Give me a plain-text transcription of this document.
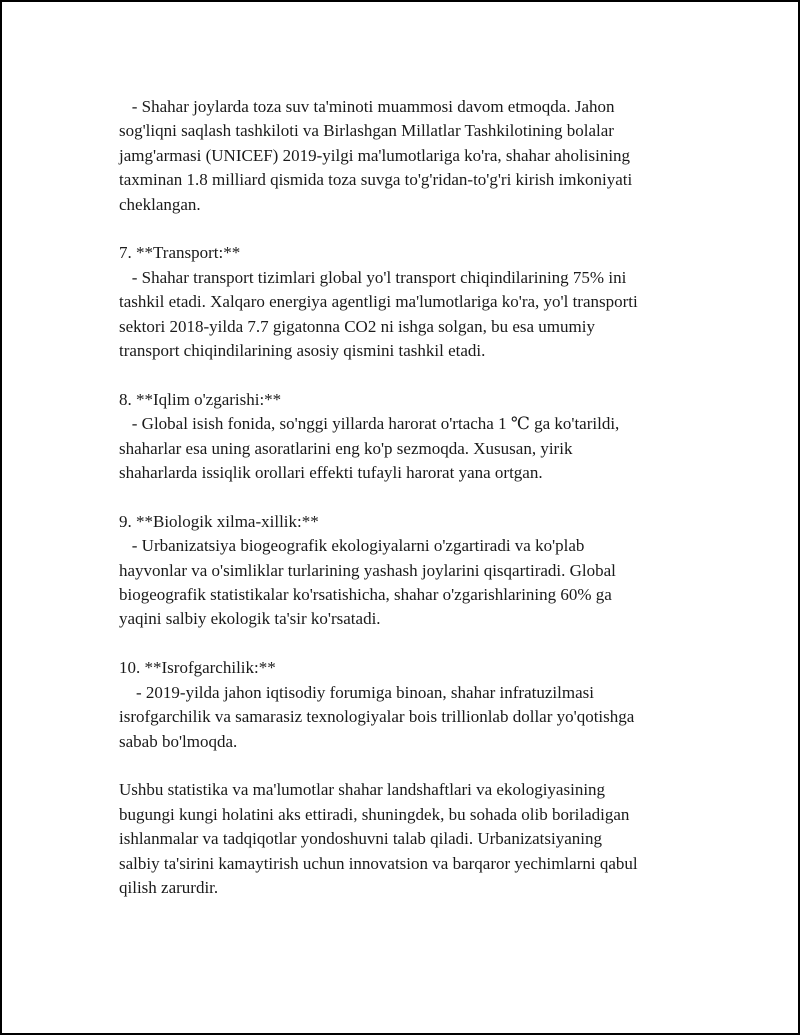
- Shahar joylarda toza suv ta'minoti muammosi davom etmoqda. Jahon
sog'liqni saqlash tashkiloti va Birlashgan Millatlar Tashkilotining bolalar
jamg'armasi (UNICEF) 2019-yilgi ma'lumotlariga ko'ra, shahar aholisining
taxminan 1.8 milliard qismida toza suvga to'g'ridan-to'g'ri kirish imkoniyati
cheklangan.
7. **Transport:**
- Shahar transport tizimlari global yo'l transport chiqindilarining 75% ini
tashkil etadi. Xalqaro energiya agentligi ma'lumotlariga ko'ra, yo'l transporti
sektori 2018-yilda 7.7 gigatonna CO2 ni ishga solgan, bu esa umumiy
transport chiqindilarining asosiy qismini tashkil etadi.
8. **Iqlim o'zgarishi:**
- Global isish fonida, so'nggi yillarda harorat o'rtacha 1 ℃ ga ko'tarildi,
shaharlar esa uning asoratlarini eng ko'p sezmoqda. Xususan, yirik
shaharlarda issiqlik orollari effekti tufayli harorat yana ortgan.
9. **Biologik xilma-xillik:**
- Urbanizatsiya biogeografik ekologiyalarni o'zgartiradi va ko'plab
hayvonlar va o'simliklar turlarining yashash joylarini qisqartiradi. Global
biogeografik statistikalar ko'rsatishicha, shahar o'zgarishlarining 60% ga
yaqini salbiy ekologik ta'sir ko'rsatadi.
10. **Isrofgarchilik:**
- 2019-yilda jahon iqtisodiy forumiga binoan, shahar infratuzilmasi
isrofgarchilik va samarasiz texnologiyalar bois trillionlab dollar yo'qotishga
sabab bo'lmoqda.
Ushbu statistika va ma'lumotlar shahar landshaftlari va ekologiyasining
bugungi kungi holatini aks ettiradi, shuningdek, bu sohada olib boriladigan
ishlanmalar va tadqiqotlar yondoshuvni talab qiladi. Urbanizatsiyaning
salbiy ta'sirini kamaytirish uchun innovatsion va barqaror yechimlarni qabul
qilish zarurdir.
